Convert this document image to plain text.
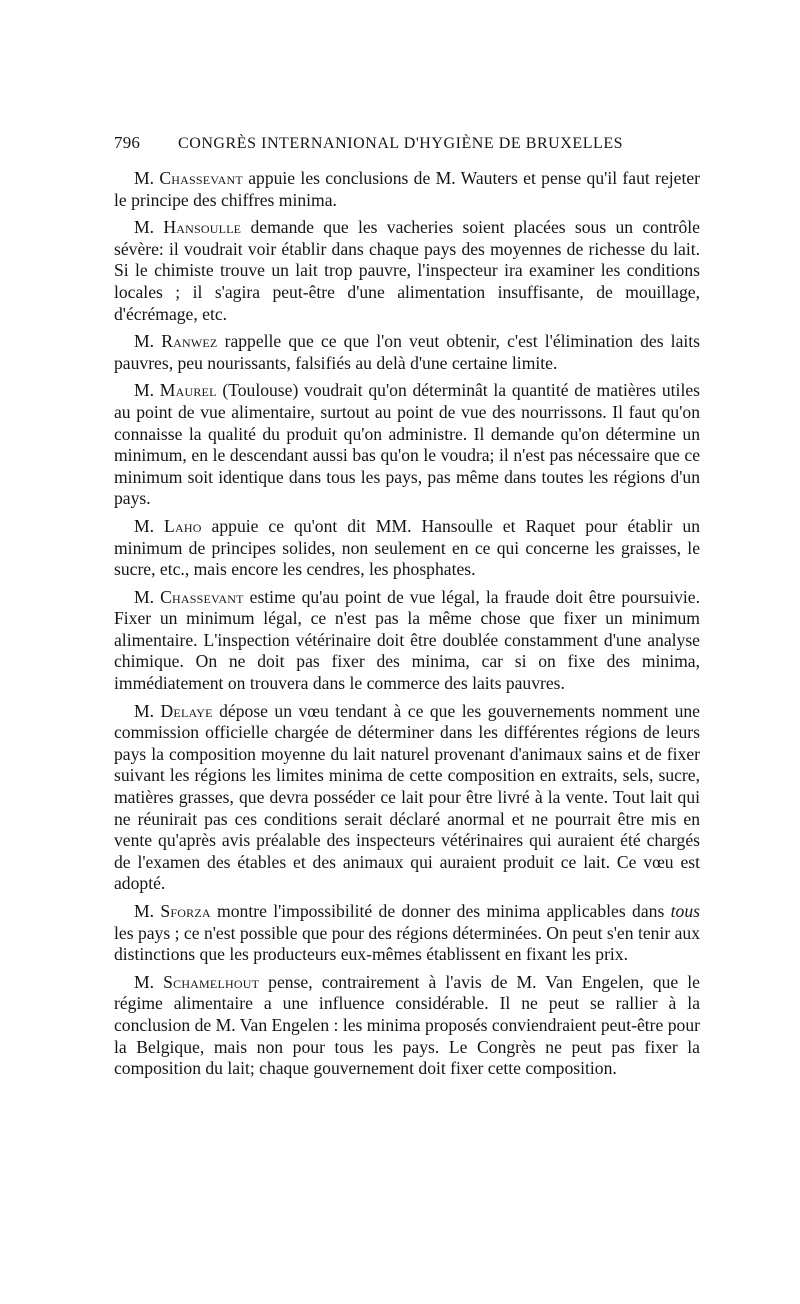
796	CONGRÈS INTERNANIONAL D'HYGIÈNE DE BRUXELLES

M. Chassevant appuie les conclusions de M. Wauters et pense qu'il faut rejeter le principe des chiffres minima.

M. Hansoulle demande que les vacheries soient placées sous un contrôle sévère: il voudrait voir établir dans chaque pays des moyennes de richesse du lait. Si le chimiste trouve un lait trop pauvre, l'inspecteur ira examiner les conditions locales ; il s'agira peut-être d'une alimentation insuffisante, de mouillage, d'écrémage, etc.

M. Ranwez rappelle que ce que l'on veut obtenir, c'est l'élimination des laits pauvres, peu nourissants, falsifiés au delà d'une certaine limite.

M. Maurel (Toulouse) voudrait qu'on déterminât la quantité de matières utiles au point de vue alimentaire, surtout au point de vue des nourrissons. Il faut qu'on connaisse la qualité du produit qu'on administre. Il demande qu'on détermine un minimum, en le descendant aussi bas qu'on le voudra; il n'est pas nécessaire que ce minimum soit identique dans tous les pays, pas même dans toutes les régions d'un pays.

M. Laho appuie ce qu'ont dit MM. Hansoulle et Raquet pour établir un minimum de principes solides, non seulement en ce qui concerne les graisses, le sucre, etc., mais encore les cendres, les phosphates.

M. Chassevant estime qu'au point de vue légal, la fraude doit être poursuivie. Fixer un minimum légal, ce n'est pas la même chose que fixer un minimum alimentaire. L'inspection vétérinaire doit être doublée constamment d'une analyse chimique. On ne doit pas fixer des minima, car si on fixe des minima, immédiatement on trouvera dans le commerce des laits pauvres.

M. Delaye dépose un vœu tendant à ce que les gouvernements nomment une commission officielle chargée de déterminer dans les différentes régions de leurs pays la composition moyenne du lait naturel provenant d'animaux sains et de fixer suivant les régions les limites minima de cette composition en extraits, sels, sucre, matières grasses, que devra posséder ce lait pour être livré à la vente. Tout lait qui ne réunirait pas ces conditions serait déclaré anormal et ne pourrait être mis en vente qu'après avis préalable des inspecteurs vétérinaires qui auraient été chargés de l'examen des étables et des animaux qui auraient produit ce lait. Ce vœu est adopté.

M. Sforza montre l'impossibilité de donner des minima applicables dans tous les pays ; ce n'est possible que pour des régions déterminées. On peut s'en tenir aux distinctions que les producteurs eux-mêmes établissent en fixant les prix.

M. Schamelhout pense, contrairement à l'avis de M. Van Engelen, que le régime alimentaire a une influence considérable. Il ne peut se rallier à la conclusion de M. Van Engelen : les minima proposés conviendraient peut-être pour la Belgique, mais non pour tous les pays. Le Congrès ne peut pas fixer la composition du lait; chaque gouvernement doit fixer cette composition.
